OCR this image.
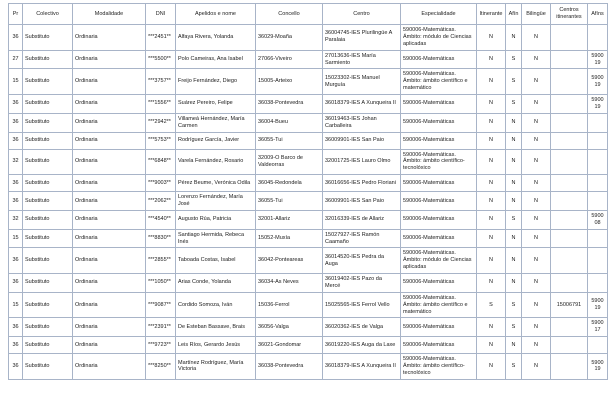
Pr	Colectivo	Modalidade	DNI	Apelidos e nome	Concello	Centro	Especialidade	Itinerante	Afín	Bilingüe	Centros itinerantes	Afíns
36	Substituto	Ordinaria	***2451**	Alfaya Rivera, Yolanda	36029-Moaña	36004745-IES Plurilingüe A Paralaia	590006-Matemáticas. Ámbito: módulo de Ciencias aplicadas	N	N	N		
27	Substituto	Ordinaria	***5500**	Polo Cameiras, Ana Isabel	27066-Viveiro	27013636-IES María Sarmiento	590006-Matemáticas	N	S	N		590019
15	Substituto	Ordinaria	***3757**	Freijo Fernández, Diego	15005-Arteixo	15023302-IES Manuel Murguía	590006-Matemáticas. Ámbito: ámbito científico e matemático	N	S	N		590019
36	Substituto	Ordinaria	***1556**	Suárez Pereiro, Felipe	36038-Pontevedra	36018379-IES A Xunqueira II	590006-Matemáticas	N	S	N		590019
36	Substituto	Ordinaria	***2942**	Villameá Hernández, María Carmen	36004-Bueu	36019463-IES Johan Carballeira	590006-Matemáticas	N	N	N		
36	Substituto	Ordinaria	***5753**	Rodríguez García, Javier	36055-Tui	36009901-IES San Paio	590006-Matemáticas	N	N	N		
32	Substituto	Ordinaria	***6848**	Varela Fernández, Rosario	32009-O Barco de Valdeorras	32001725-IES Lauro Olmo	590006-Matemáticas. Ámbito: ámbito científico-tecnolóxico	N	N	N		
36	Substituto	Ordinaria	***9003**	Pérez Beume, Verónica Odila	36045-Redondela	36016656-IES Pedro Floriani	590006-Matemáticas	N	N	N		
36	Substituto	Ordinaria	***2062**	Lorenzo Fernández, María José	36055-Tui	36009901-IES San Paio	590006-Matemáticas	N	N	N		
32	Substituto	Ordinaria	***4540**	Augusto Rúa, Patricia	32001-Allariz	32016339-IES de Allariz	590006-Matemáticas	N	S	N		590008
15	Substituto	Ordinaria	***8830**	Santiago Hermida, Rebeca Inés	15052-Muxía	15027927-IES Ramón Caamaño	590006-Matemáticas	N	N	N		
36	Substituto	Ordinaria	***2855**	Taboada Costas, Isabel	36042-Ponteareas	36014520-IES Pedra da Auga	590006-Matemáticas. Ámbito: módulo de Ciencias aplicadas	N	N	N		
36	Substituto	Ordinaria	***1050**	Arias Conde, Yolanda	36034-As Neves	36019402-IES Pazo da Mercé	590006-Matemáticas	N	N	N		
15	Substituto	Ordinaria	***9087**	Cordido Somoza, Iván	15036-Ferrol	15025565-IES Ferrol Vello	590006-Matemáticas. Ámbito: ámbito científico e matemático	S	S	N	15006791	590019
36	Substituto	Ordinaria	***2391**	De Esteban Bassave, Brais	36056-Valga	36020362-IES de Valga	590006-Matemáticas	N	S	N		590017
36	Substituto	Ordinaria	***9723**	Leis Ríos, Gerardo Jesús	36021-Gondomar	36019220-IES Auga da Laxe	590006-Matemáticas	N	N	N		
36	Substituto	Ordinaria	***8250**	Martínez Rodríguez, María Victoria	36038-Pontevedra	36018379-IES A Xunqueira II	590006-Matemáticas. Ámbito: ámbito científico-tecnolóxico	N	S	N		590019
